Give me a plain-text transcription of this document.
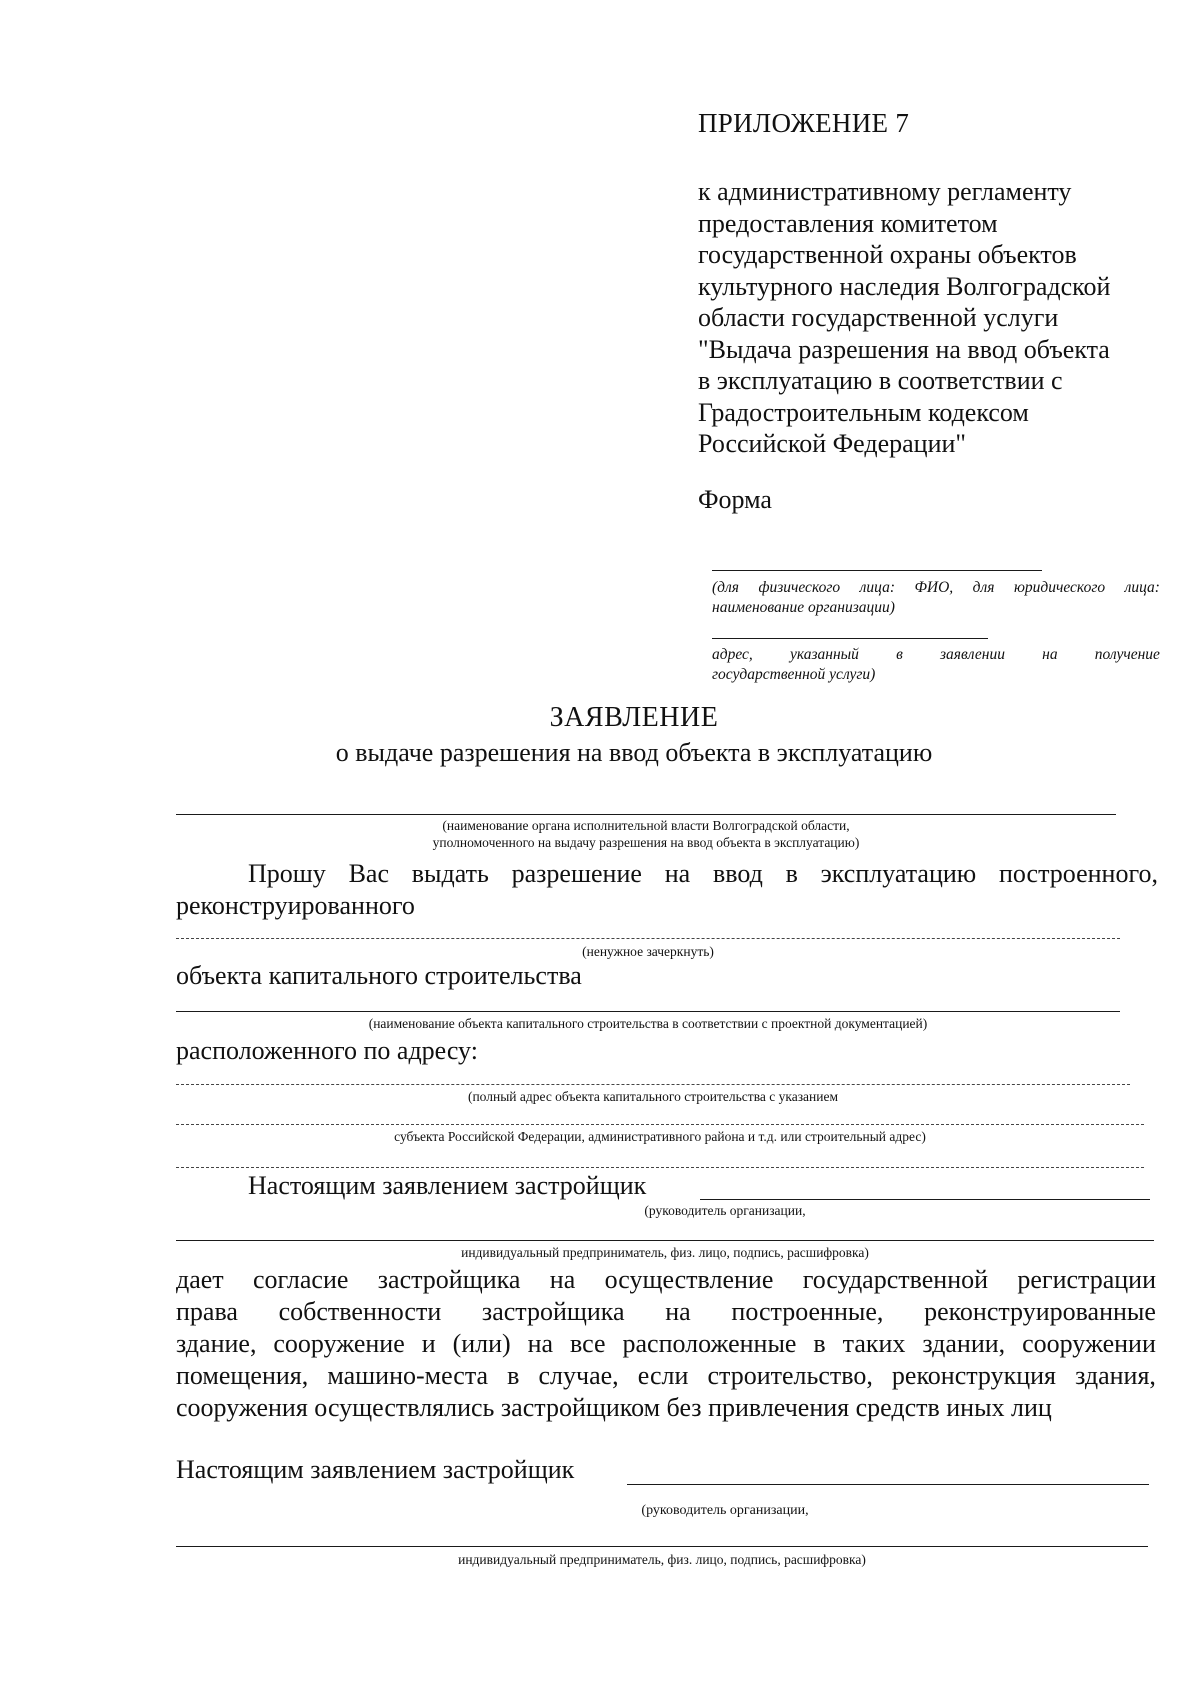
ПРИЛОЖЕНИЕ 7
к административному регламенту
предоставления комитетом
государственной охраны объектов
культурного наследия Волгоградской
области государственной услуги
"Выдача разрешения на ввод объекта
в эксплуатацию в соответствии с
Градостроительным кодексом
Российской Федерации"
Форма
(для физического лица: ФИО, для юридического лица:
наименование организации)
адрес, указанный в заявлении на получение
государственной услуги)
ЗАЯВЛЕНИЕ
о выдаче разрешения на ввод объекта в эксплуатацию
(наименование органа исполнительной власти Волгоградской области,
уполномоченного на выдачу разрешения на ввод объекта в эксплуатацию)
Прошу Вас выдать разрешение на ввод в эксплуатацию построенного,
реконструированного
(ненужное зачеркнуть)
объекта капитального строительства
(наименование объекта капитального строительства в соответствии с проектной документацией)
расположенного по адресу:
(полный адрес объекта капитального строительства с указанием
субъекта Российской Федерации, административного района и т.д. или строительный адрес)
Настоящим заявлением застройщик
(руководитель организации,
индивидуальный предприниматель, физ. лицо, подпись, расшифровка)
дает согласие застройщика на осуществление государственной регистрации
права собственности застройщика на построенные, реконструированные
здание, сооружение и (или) на все расположенные в таких здании, сооружении
помещения, машино-места в случае, если строительство, реконструкция здания,
сооружения осуществлялись застройщиком без привлечения средств иных лиц
Настоящим заявлением застройщик
(руководитель организации,
индивидуальный предприниматель, физ. лицо, подпись, расшифровка)
